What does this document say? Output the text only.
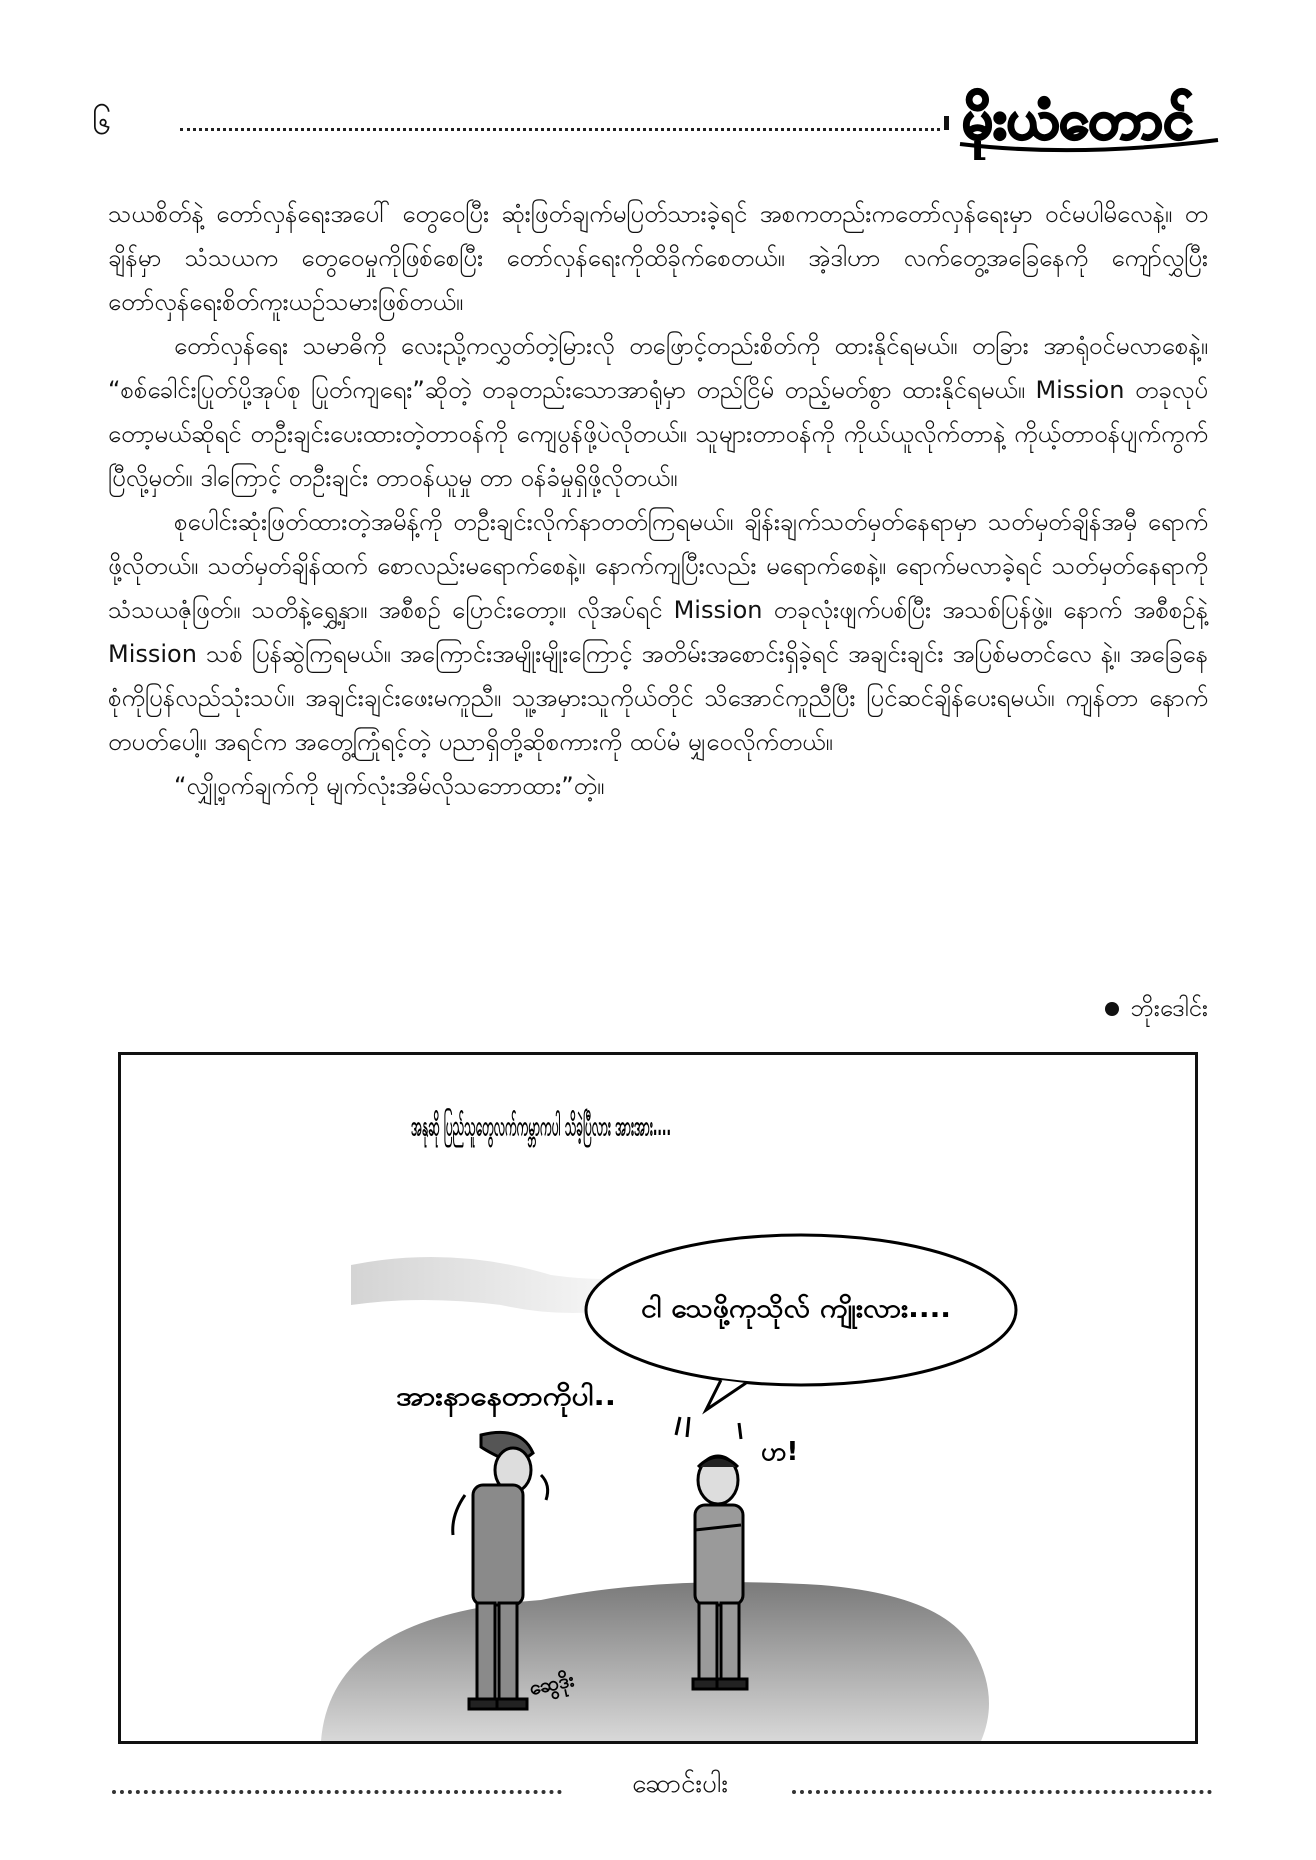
၆	မိုးယံတောင်

သယစိတ်နဲ့ တော်လှန်ရေးအပေါ် တွေဝေပြီး ဆုံးဖြတ်ချက်မပြတ်သားခဲ့ရင် အစကတည်းကတော်လှန်ရေးမှာ ဝင်မပါမိလေနဲ့။ တချိန်မှာ သံသယက တွေဝေမှုကိုဖြစ်စေပြီး တော်လှန်ရေးကိုထိခိုက်စေတယ်။ အဲ့ဒါဟာ လက်တွေ့အခြေနေကို ကျော်လွှပြီး တော်လှန်ရေးစိတ်ကူးယဉ်သမားဖြစ်တယ်။

တော်လှန်ရေး သမာဓိကို လေးညို့ကလွှတ်တဲ့မြားလို တဖြောင့်တည်းစိတ်ကို ထားနိုင်ရမယ်။ တခြား အာရုံဝင်မလာစေနဲ့။ “စစ်ခေါင်းပြုတ်ပို့အုပ်စု ပြုတ်ကျရေး”ဆိုတဲ့ တခုတည်းသောအာရုံမှာ တည်ငြိမ် တည့်မတ်စွာ ထားနိုင်ရမယ်။ Mission တခုလုပ်တော့မယ်ဆိုရင် တဦးချင်းပေးထားတဲ့တာဝန်ကို ကျေပွန်ဖို့ပဲလိုတယ်။ သူများတာဝန်ကို ကိုယ်ယူလိုက်တာနဲ့ ကိုယ့်တာဝန်ပျက်ကွက်ပြီလို့မှတ်။ ဒါကြောင့် တဦးချင်း တာဝန်ယူမှု တာ ဝန်ခံမှုရှိဖို့လိုတယ်။

စုပေါင်းဆုံးဖြတ်ထားတဲ့အမိန့်ကို တဦးချင်းလိုက်နာတတ်ကြရမယ်။ ချိန်းချက်သတ်မှတ်နေရာမှာ သတ်မှတ်ချိန်အမှီ ရောက်ဖို့လိုတယ်။ သတ်မှတ်ချိန်ထက် စောလည်းမရောက်စေနဲ့။ နောက်ကျပြီးလည်း မရောက်စေနဲ့။ ရောက်မလာခဲ့ရင် သတ်မှတ်နေရာကို သံသယဇုံဖြတ်။ သတိနဲ့ရွှေ့နှာ။ အစီစဉ် ပြောင်းတော့။ လိုအပ်ရင် Mission တခုလုံးဖျက်ပစ်ပြီး အသစ်ပြန်ဖွဲ့။ နောက် အစီစဉ်နဲ့ Mission သစ် ပြန်ဆွဲကြရမယ်။ အကြောင်းအမျိုးမျိုးကြောင့် အတိမ်းအစောင်းရှိခဲ့ရင် အချင်းချင်း အပြစ်မတင်လေ နဲ့။ အခြေနေစုံကိုပြန်လည်သုံးသပ်။ အချင်းချင်းဖေးမကူညီ။ သူ့အမှားသူကိုယ်တိုင် သိအောင်ကူညီပြီး ပြင်ဆင်ချိန်ပေးရမယ်။ ကျန်တာ နောက်တပတ်ပေါ့။ အရင်က အတွေ့ကြုံရင့်တဲ့ ပညာရှိတို့ဆိုစကားကို ထပ်မံ မျှဝေလိုက်တယ်။

“လျှို့ဝှက်ချက်ကို မျက်လုံးအိမ်လိုသဘောထား”တဲ့။

ဘိုးဒေါင်း
အနုဆို ပြည်သူတွေလက်ကမ္ဘာကပါ သိခဲ့ပြီလား အားအား....
ငါ သေဖို့ကုသိုလ် ကျိုးလား....
အားနာနေတာကိုပါ..
ဟ!
ဆွေဒိုး
ဆောင်းပါး
